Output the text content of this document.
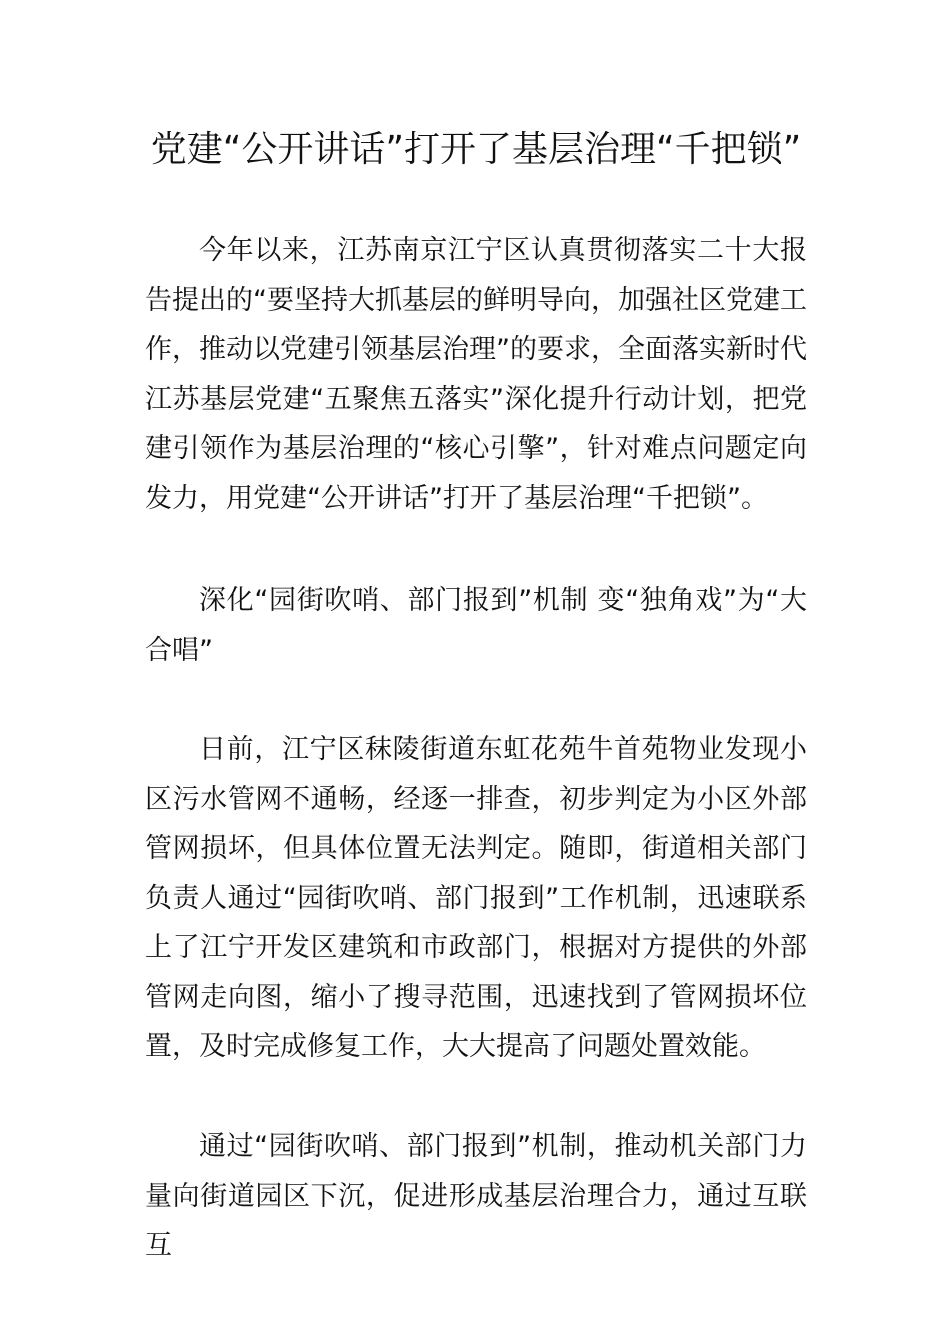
党建“公开讲话”打开了基层治理“千把锁”

今年以来，江苏南京江宁区认真贯彻落实二十大报告提出的“要坚持大抓基层的鲜明导向，加强社区党建工作，推动以党建引领基层治理”的要求，全面落实新时代江苏基层党建“五聚焦五落实”深化提升行动计划，把党建引领作为基层治理的“核心引擎”，针对难点问题定向发力，用党建“公开讲话”打开了基层治理“千把锁”。

深化“园街吹哨、部门报到”机制 变“独角戏”为“大合唱”

日前，江宁区秣陵街道东虹花苑牛首苑物业发现小区污水管网不通畅，经逐一排查，初步判定为小区外部管网损坏，但具体位置无法判定。随即，街道相关部门负责人通过“园街吹哨、部门报到”工作机制，迅速联系上了江宁开发区建筑和市政部门，根据对方提供的外部管网走向图，缩小了搜寻范围，迅速找到了管网损坏位置，及时完成修复工作，大大提高了问题处置效能。

通过“园街吹哨、部门报到”机制，推动机关部门力量向街道园区下沉，促进形成基层治理合力，通过互联互
